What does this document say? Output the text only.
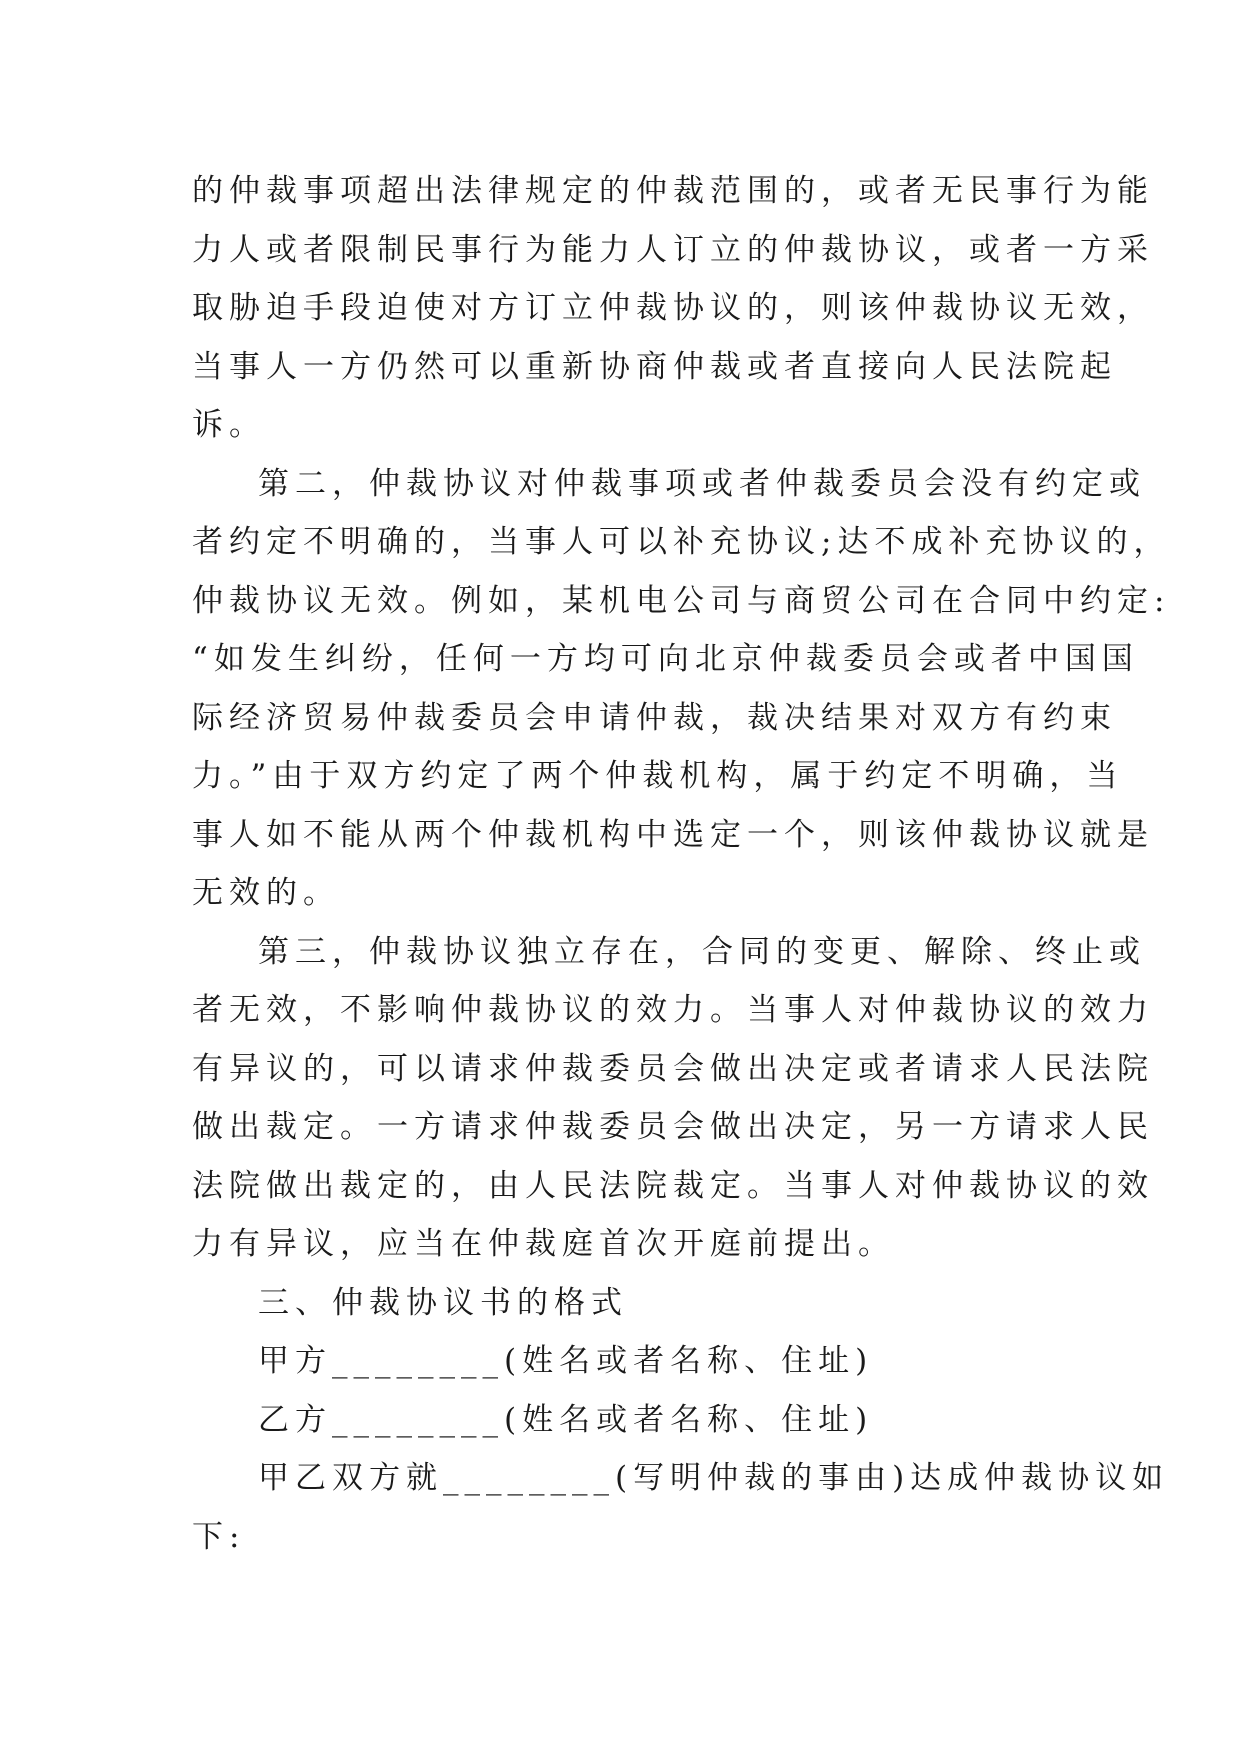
的仲裁事项超出法律规定的仲裁范围的，或者无民事行为能
力人或者限制民事行为能力人订立的仲裁协议，或者一方采
取胁迫手段迫使对方订立仲裁协议的，则该仲裁协议无效，
当事人一方仍然可以重新协商仲裁或者直接向人民法院起
诉。
第二，仲裁协议对仲裁事项或者仲裁委员会没有约定或
者约定不明确的，当事人可以补充协议;达不成补充协议的，
仲裁协议无效。例如，某机电公司与商贸公司在合同中约定:
“如发生纠纷，任何一方均可向北京仲裁委员会或者中国国
际经济贸易仲裁委员会申请仲裁，裁决结果对双方有约束
力。”由于双方约定了两个仲裁机构，属于约定不明确，当
事人如不能从两个仲裁机构中选定一个，则该仲裁协议就是
无效的。
第三，仲裁协议独立存在，合同的变更、解除、终止或
者无效，不影响仲裁协议的效力。当事人对仲裁协议的效力
有异议的，可以请求仲裁委员会做出决定或者请求人民法院
做出裁定。一方请求仲裁委员会做出决定，另一方请求人民
法院做出裁定的，由人民法院裁定。当事人对仲裁协议的效
力有异议，应当在仲裁庭首次开庭前提出。
三、仲裁协议书的格式
甲方________(姓名或者名称、住址)
乙方________(姓名或者名称、住址)
甲乙双方就________(写明仲裁的事由)达成仲裁协议如
下:
